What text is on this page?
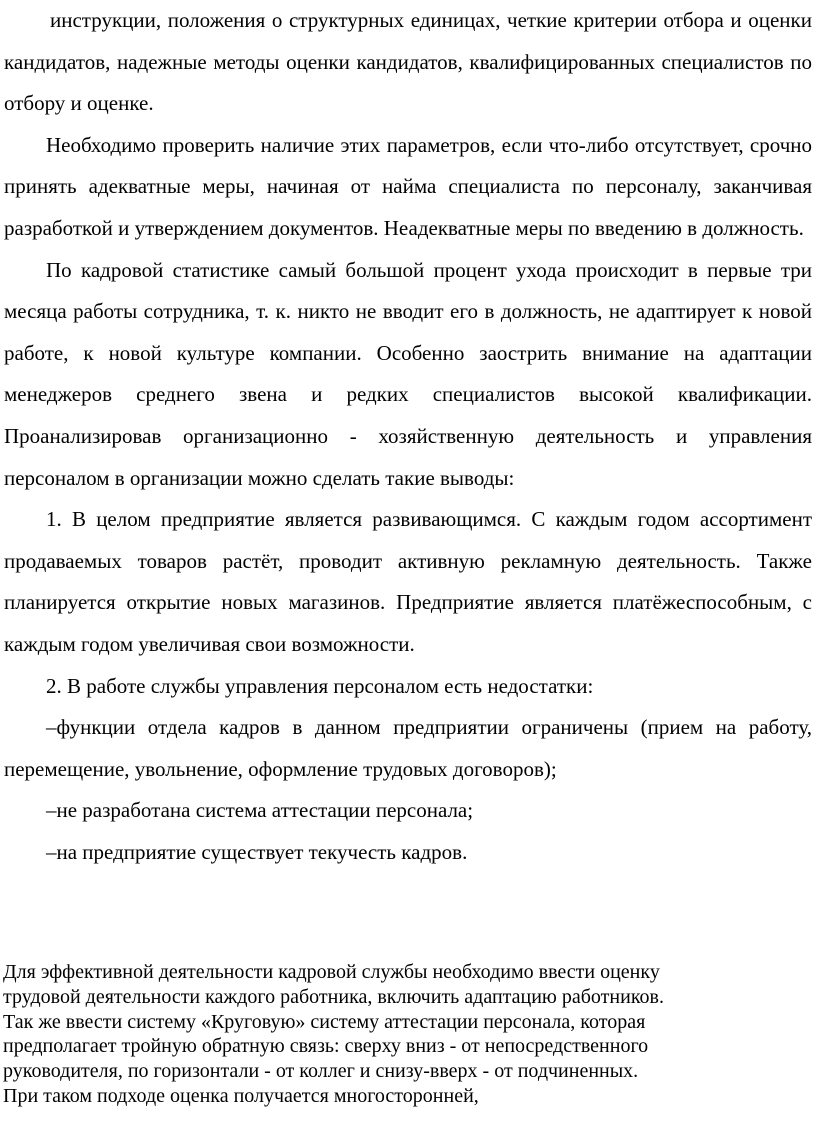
инструкции, положения о структурных единицах, четкие критерии отбора и оценки кандидатов, надежные методы оценки кандидатов, квалифицированных специалистов по отбору и оценке.

Необходимо проверить наличие этих параметров, если что-либо отсутствует, срочно принять адекватные меры, начиная от найма специалиста по персоналу, заканчивая разработкой и утверждением документов. Неадекватные меры по введению в должность.

По кадровой статистике самый большой процент ухода происходит в первые три месяца работы сотрудника, т. к. никто не вводит его в должность, не адаптирует к новой работе, к новой культуре компании. Особенно заострить внимание на адаптации менеджеров среднего звена и редких специалистов высокой квалификации. Проанализировав организационно - хозяйственную деятельность и управления персоналом в организации можно сделать такие выводы:

1. В целом предприятие является развивающимся. С каждым годом ассортимент продаваемых товаров растёт, проводит активную рекламную деятельность. Также планируется открытие новых магазинов. Предприятие является платёжеспособным, с каждым годом увеличивая свои возможности.

2. В работе службы управления персоналом есть недостатки:

–функции отдела кадров в данном предприятии ограничены (прием на работу, перемещение, увольнение, оформление трудовых договоров);

–не разработана система аттестации персонала;

–на предприятие существует текучесть кадров.

Для эффективной деятельности кадровой службы необходимо ввести оценку

трудовой деятельности каждого работника, включить адаптацию работников.

Так же ввести систему «Круговую» систему аттестации персонала, которая

предполагает тройную обратную связь: сверху вниз - от непосредственного

руководителя, по горизонтали - от коллег и снизу-вверх - от подчиненных.

При таком подходе оценка получается многосторонней,
